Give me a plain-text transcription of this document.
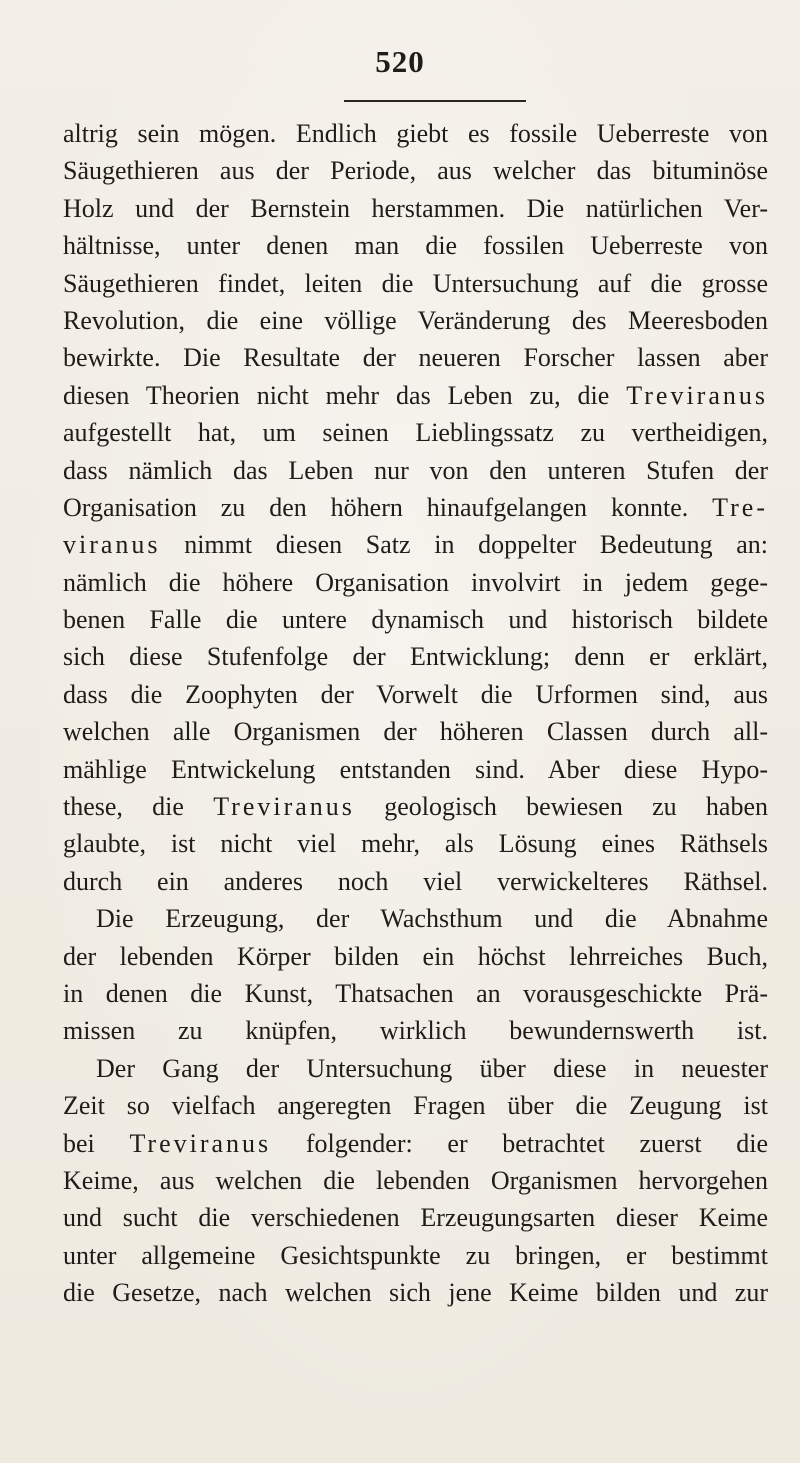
520
altrig sein mögen. Endlich giebt es fossile Ueberreste von
Säugethieren aus der Periode, aus welcher das bituminöse
Holz und der Bernstein herstammen. Die natürlichen Ver-
hältnisse, unter denen man die fossilen Ueberreste von
Säugethieren findet, leiten die Untersuchung auf die grosse
Revolution, die eine völlige Veränderung des Meeresboden
bewirkte. Die Resultate der neueren Forscher lassen aber
diesen Theorien nicht mehr das Leben zu, die Treviranus
aufgestellt hat, um seinen Lieblingssatz zu vertheidigen,
dass nämlich das Leben nur von den unteren Stufen der
Organisation zu den höhern hinaufgelangen konnte. Tre-
viranus nimmt diesen Satz in doppelter Bedeutung an:
nämlich die höhere Organisation involvirt in jedem gege-
benen Falle die untere dynamisch und historisch bildete
sich diese Stufenfolge der Entwicklung; denn er erklärt,
dass die Zoophyten der Vorwelt die Urformen sind, aus
welchen alle Organismen der höheren Classen durch all-
mählige Entwickelung entstanden sind. Aber diese Hypo-
these, die Treviranus geologisch bewiesen zu haben
glaubte, ist nicht viel mehr, als Lösung eines Räthsels
durch ein anderes noch viel verwickelteres Räthsel.
Die Erzeugung, der Wachsthum und die Abnahme
der lebenden Körper bilden ein höchst lehrreiches Buch,
in denen die Kunst, Thatsachen an vorausgeschickte Prä-
missen zu knüpfen, wirklich bewundernswerth ist.
Der Gang der Untersuchung über diese in neuester
Zeit so vielfach angeregten Fragen über die Zeugung ist
bei Treviranus folgender: er betrachtet zuerst die
Keime, aus welchen die lebenden Organismen hervorgehen
und sucht die verschiedenen Erzeugungsarten dieser Keime
unter allgemeine Gesichtspunkte zu bringen, er bestimmt
die Gesetze, nach welchen sich jene Keime bilden und zur
